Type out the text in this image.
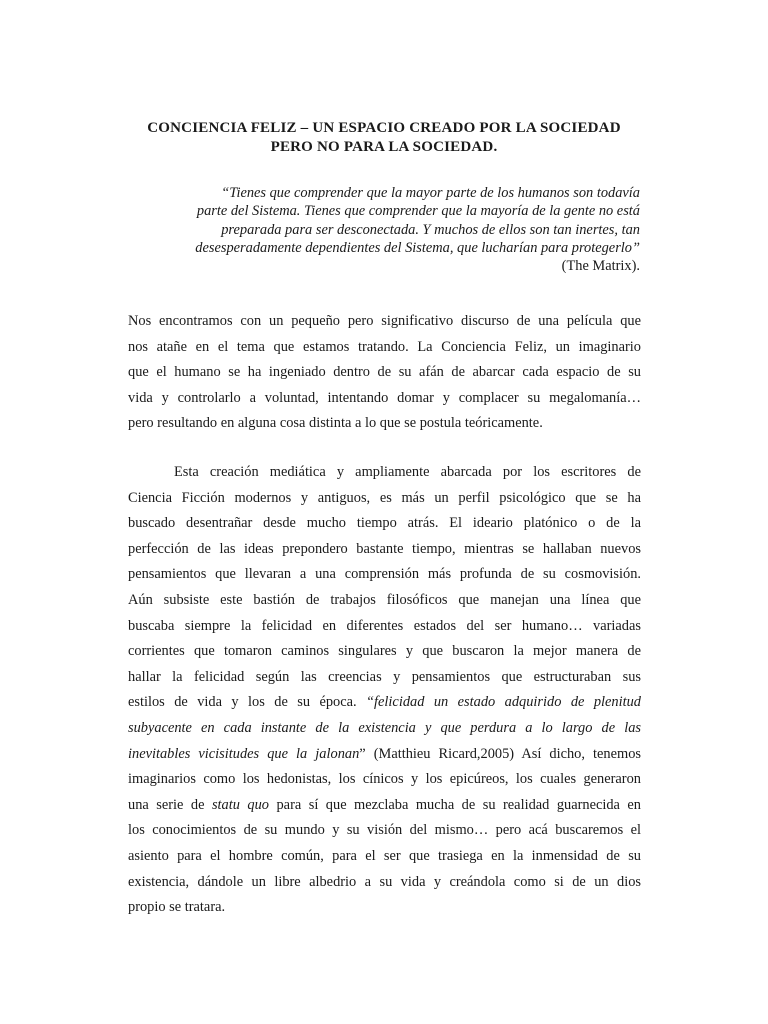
CONCIENCIA FELIZ – UN ESPACIO CREADO POR LA SOCIEDAD
PERO NO PARA LA SOCIEDAD.
“Tienes que comprender que la mayor parte de los humanos son todavía
parte del Sistema. Tienes que comprender que la mayoría de la gente no está
preparada para ser desconectada. Y muchos de ellos son tan inertes, tan
desesperadamente dependientes del Sistema, que lucharían para protegerlo”
(The Matrix).
Nos encontramos con un pequeño pero significativo discurso de una película que
nos atañe en el tema que estamos tratando. La Conciencia Feliz, un imaginario
que el humano se ha ingeniado dentro de su afán de abarcar cada espacio de su
vida y controlarlo a voluntad, intentando domar y complacer su megalomanía…
pero resultando en alguna cosa distinta a lo que se postula teóricamente.
Esta creación mediática y ampliamente abarcada por los escritores de
Ciencia Ficción modernos y antiguos, es más un perfil psicológico que se ha
buscado desentrañar desde mucho tiempo atrás. El ideario platónico o de la
perfección de las ideas prepondero bastante tiempo, mientras se hallaban nuevos
pensamientos que llevaran a una comprensión más profunda de su cosmovisión.
Aún subsiste este bastión de trabajos filosóficos que manejan una línea que
buscaba siempre la felicidad en diferentes estados del ser humano… variadas
corrientes que tomaron caminos singulares y que buscaron la mejor manera de
hallar la felicidad según las creencias y pensamientos que estructuraban sus
estilos de vida y los de su época. “felicidad un estado adquirido de plenitud
subyacente en cada instante de la existencia y que perdura a lo largo de las
inevitables vicisitudes que la jalonan” (Matthieu Ricard,2005) Así dicho, tenemos
imaginarios como los hedonistas, los cínicos y los epicúreos, los cuales generaron
una serie de statu quo para sí que mezclaba mucha de su realidad guarnecida en
los conocimientos de su mundo y su visión del mismo… pero acá buscaremos el
asiento para el hombre común, para el ser que trasiega en la inmensidad de su
existencia, dándole un libre albedrio a su vida y creándola como si de un dios
propio se tratara.
